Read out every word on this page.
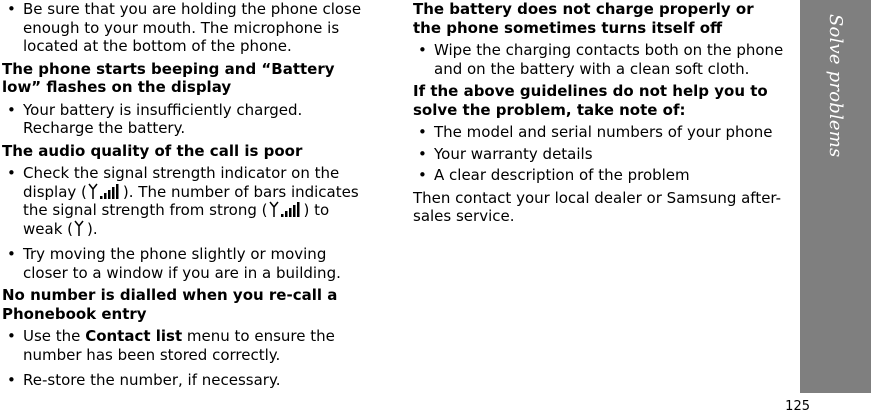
• Be sure that you are holding the phone close enough to your mouth. The microphone is located at the bottom of the phone.

The phone starts beeping and “Battery low” flashes on the display

• Your battery is insufficiently charged. Recharge the battery.

The audio quality of the call is poor

• Check the signal strength indicator on the display ( ). The number of bars indicates the signal strength from strong ( ) to weak ( ).

• Try moving the phone slightly or moving closer to a window if you are in a building.

No number is dialled when you re-call a Phonebook entry

• Use the Contact list menu to ensure the number has been stored correctly.

• Re-store the number, if necessary.

The battery does not charge properly or the phone sometimes turns itself off

• Wipe the charging contacts both on the phone and on the battery with a clean soft cloth.

If the above guidelines do not help you to solve the problem, take note of:

• The model and serial numbers of your phone

• Your warranty details

• A clear description of the problem

Then contact your local dealer or Samsung after-sales service.

Solve problems
125
